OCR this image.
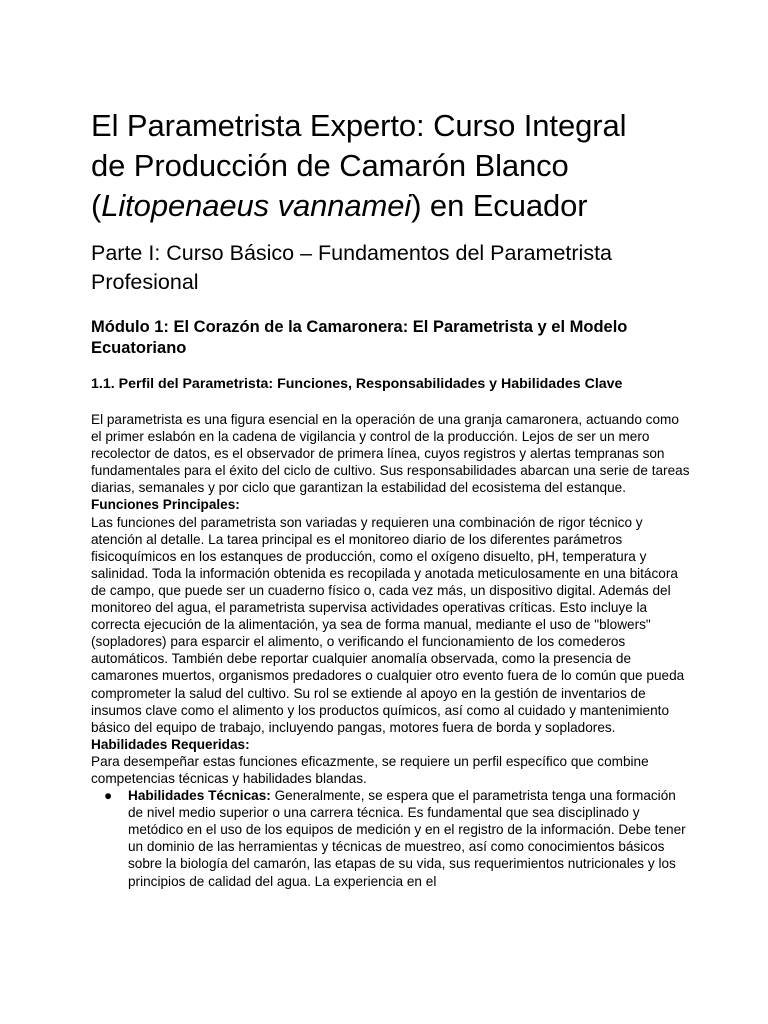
El Parametrista Experto: Curso Integral
de Producción de Camarón Blanco
(Litopenaeus vannamei) en Ecuador
Parte I: Curso Básico – Fundamentos del Parametrista Profesional
Módulo 1: El Corazón de la Camaronera: El Parametrista y el Modelo Ecuatoriano
1.1. Perfil del Parametrista: Funciones, Responsabilidades y Habilidades Clave

El parametrista es una figura esencial en la operación de una granja camaronera, actuando como el primer eslabón en la cadena de vigilancia y control de la producción. Lejos de ser un mero recolector de datos, es el observador de primera línea, cuyos registros y alertas tempranas son fundamentales para el éxito del ciclo de cultivo. Sus responsabilidades abarcan una serie de tareas diarias, semanales y por ciclo que garantizan la estabilidad del ecosistema del estanque.

Funciones Principales:

Las funciones del parametrista son variadas y requieren una combinación de rigor técnico y atención al detalle. La tarea principal es el monitoreo diario de los diferentes parámetros fisicoquímicos en los estanques de producción, como el oxígeno disuelto, pH, temperatura y salinidad. Toda la información obtenida es recopilada y anotada meticulosamente en una bitácora de campo, que puede ser un cuaderno físico o, cada vez más, un dispositivo digital. Además del monitoreo del agua, el parametrista supervisa actividades operativas críticas. Esto incluye la correcta ejecución de la alimentación, ya sea de forma manual, mediante el uso de "blowers" (sopladores) para esparcir el alimento, o verificando el funcionamiento de los comederos automáticos. También debe reportar cualquier anomalía observada, como la presencia de camarones muertos, organismos predadores o cualquier otro evento fuera de lo común que pueda comprometer la salud del cultivo. Su rol se extiende al apoyo en la gestión de inventarios de insumos clave como el alimento y los productos químicos, así como al cuidado y mantenimiento básico del equipo de trabajo, incluyendo pangas, motores fuera de borda y sopladores.

Habilidades Requeridas:

Para desempeñar estas funciones eficazmente, se requiere un perfil específico que combine competencias técnicas y habilidades blandas.

● Habilidades Técnicas: Generalmente, se espera que el parametrista tenga una formación de nivel medio superior o una carrera técnica. Es fundamental que sea disciplinado y metódico en el uso de los equipos de medición y en el registro de la información. Debe tener un dominio de las herramientas y técnicas de muestreo, así como conocimientos básicos sobre la biología del camarón, las etapas de su vida, sus requerimientos nutricionales y los principios de calidad del agua. La experiencia en el
